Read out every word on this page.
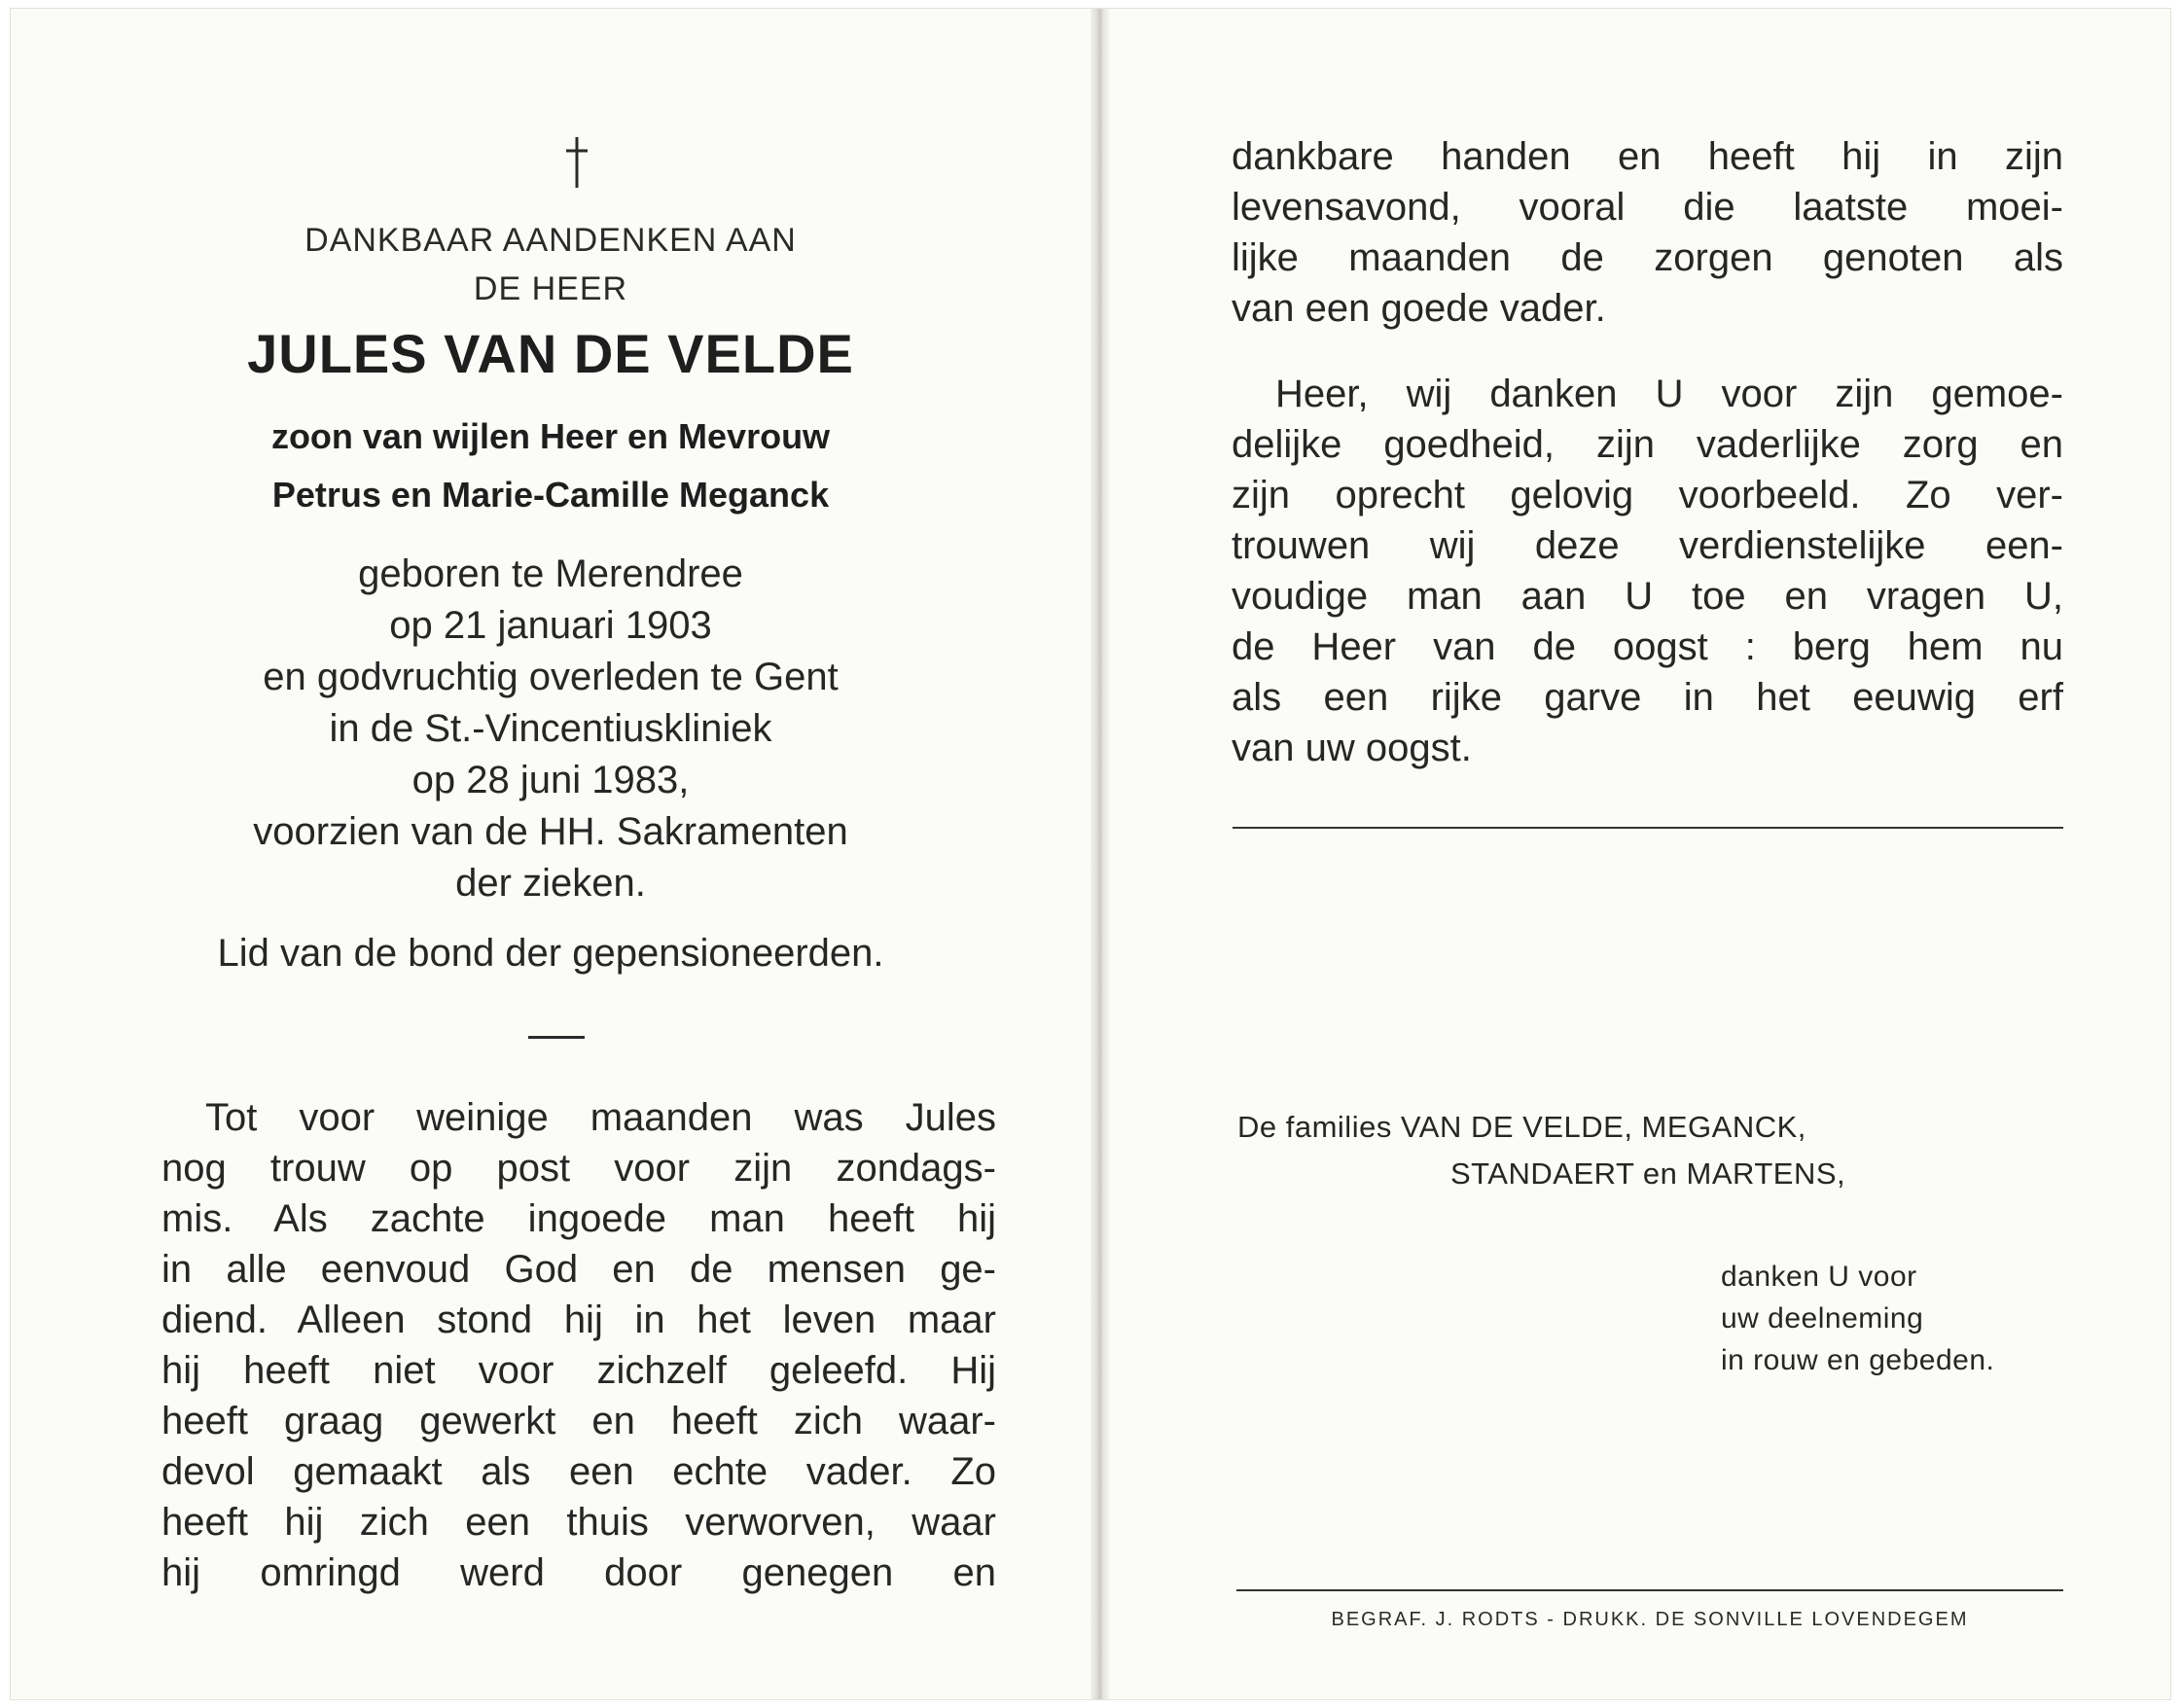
DANKBAAR AANDENKEN AAN
DE HEER
JULES VAN DE VELDE
zoon van wijlen Heer en Mevrouw
Petrus en Marie-Camille Meganck
geboren te Merendree
op 21 januari 1903
en godvruchtig overleden te Gent
in de St.-Vincentiuskliniek
op 28 juni 1983,
voorzien van de HH. Sakramenten
der zieken.
Lid van de bond der gepensioneerden.
Tot voor weinige maanden was Jules
nog trouw op post voor zijn zondags-
mis. Als zachte ingoede man heeft hij
in alle eenvoud God en de mensen ge-
diend. Alleen stond hij in het leven maar
hij heeft niet voor zichzelf geleefd. Hij
heeft graag gewerkt en heeft zich waar-
devol gemaakt als een echte vader. Zo
heeft hij zich een thuis verworven, waar
hij omringd werd door genegen en
dankbare handen en heeft hij in zijn
levensavond, vooral die laatste moei-
lijke maanden de zorgen genoten als
van een goede vader.
Heer, wij danken U voor zijn gemoe-
delijke goedheid, zijn vaderlijke zorg en
zijn oprecht gelovig voorbeeld. Zo ver-
trouwen wij deze verdienstelijke een-
voudige man aan U toe en vragen U,
de Heer van de oogst : berg hem nu
als een rijke garve in het eeuwig erf
van uw oogst.
De families VAN DE VELDE, MEGANCK,
STANDAERT en MARTENS,
danken U voor
uw deelneming
in rouw en gebeden.
BEGRAF. J. RODTS - DRUKK. DE SONVILLE LOVENDEGEM
